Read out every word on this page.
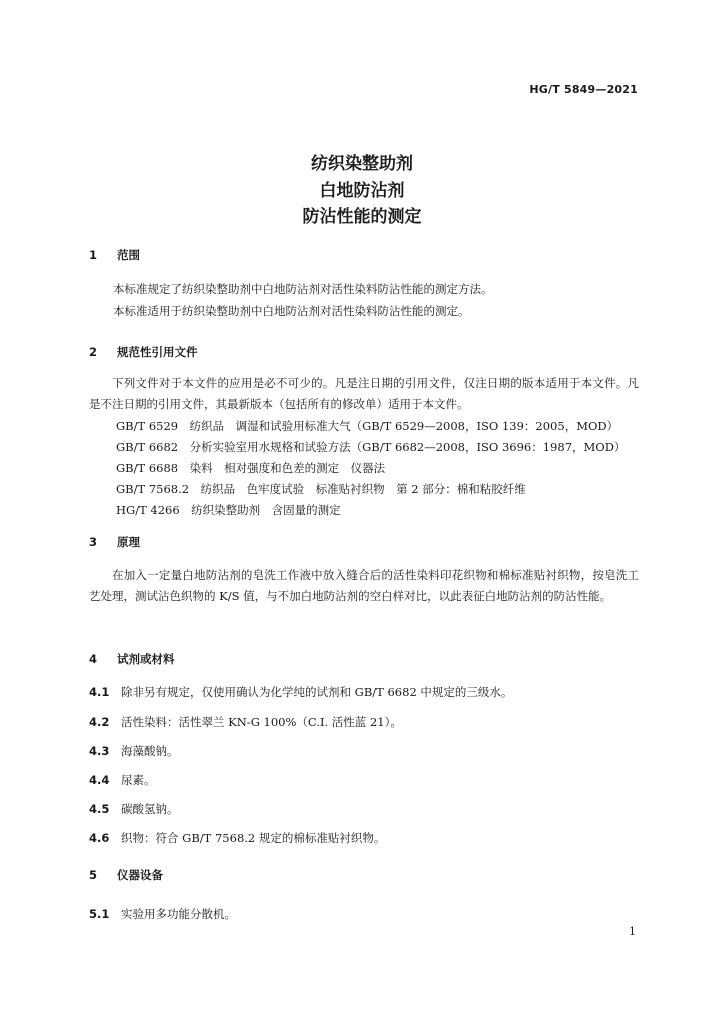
HG/T 5849—2021
纺织染整助剂
白地防沾剂
防沾性能的测定
1 范围
本标准规定了纺织染整助剂中白地防沾剂对活性染料防沾性能的测定方法。
本标准适用于纺织染整助剂中白地防沾剂对活性染料防沾性能的测定。
2 规范性引用文件

下列文件对于本文件的应用是必不可少的。凡是注日期的引用文件，仅注日期的版本适用于本文件。凡是不注日期的引用文件，其最新版本（包括所有的修改单）适用于本文件。

GB/T 6529　纺织品　调湿和试验用标准大气（GB/T 6529—2008，ISO 139：2005，MOD）
GB/T 6682　分析实验室用水规格和试验方法（GB/T 6682—2008，ISO 3696：1987，MOD）
GB/T 6688　染料　相对强度和色差的测定　仪器法
GB/T 7568.2　纺织品　色牢度试验　标准贴衬织物　第 2 部分：棉和粘胶纤维
HG/T 4266　纺织染整助剂　含固量的测定
3 原理

在加入一定量白地防沾剂的皂洗工作液中放入缝合后的活性染料印花织物和棉标准贴衬织物，按皂洗工艺处理，测试沾色织物的 K/S 值，与不加白地防沾剂的空白样对比，以此表征白地防沾剂的防沾性能。

4 试剂或材料
4.1 除非另有规定，仅使用确认为化学纯的试剂和 GB/T 6682 中规定的三级水。
4.2 活性染料：活性翠兰 KN-G 100%（C.I. 活性蓝 21）。
4.3 海藻酸钠。
4.4 尿素。
4.5 碳酸氢钠。
4.6 织物：符合 GB/T 7568.2 规定的棉标准贴衬织物。
5 仪器设备
5.1 实验用多功能分散机。
1
